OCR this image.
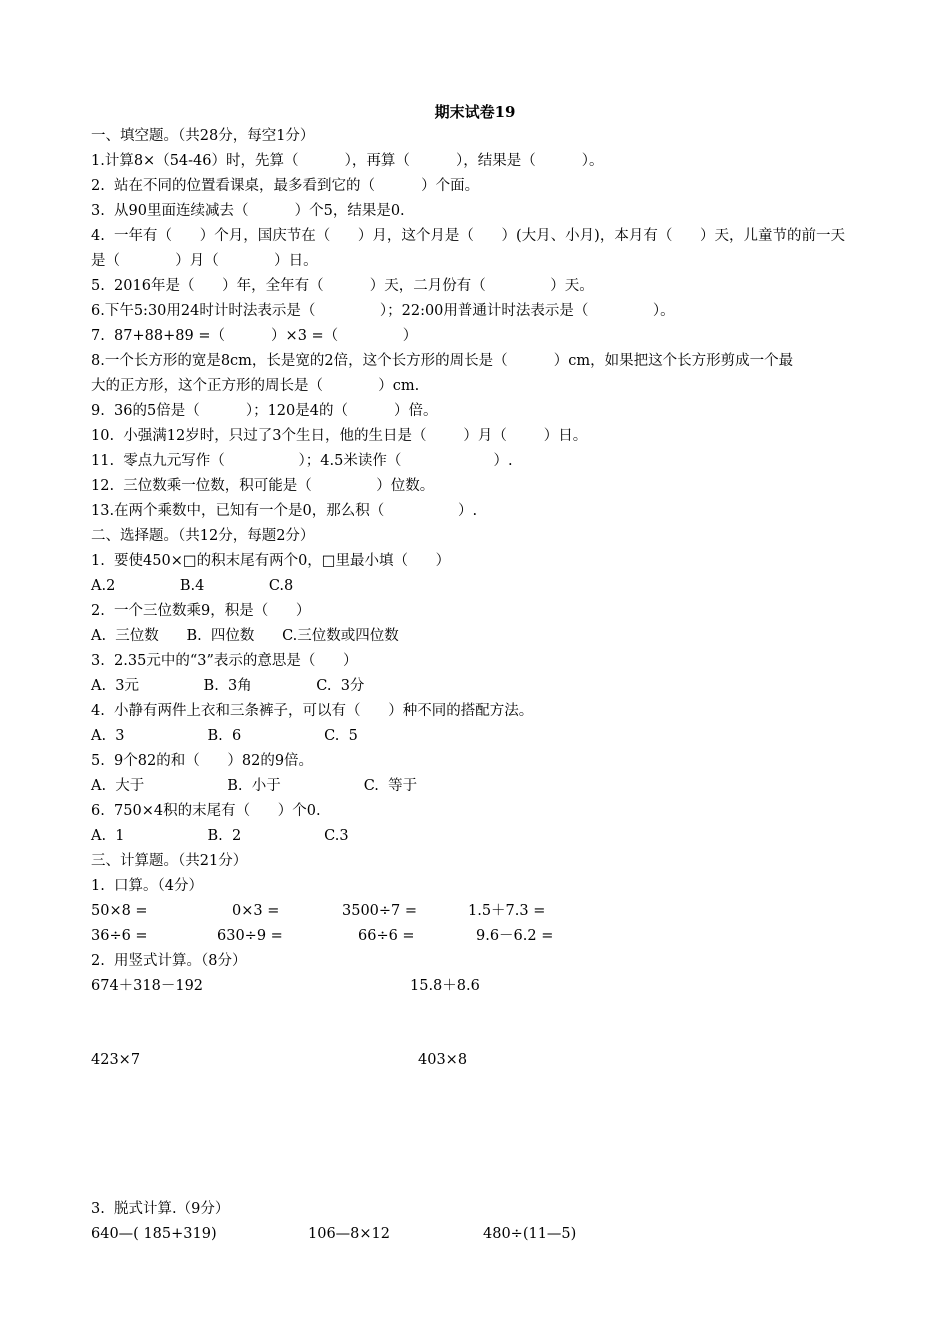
期末试卷19
一、填空题。（共28分，每空1分）
1.计算8×（54-46）时，先算（          ），再算（          ），结果是（          ）。
2.  站在不同的位置看课桌，最多看到它的（          ）个面。
3.  从90里面连续减去（          ）个5，结果是0.
4.  一年有（      ）个月，国庆节在（      ）月，这个月是（      ）(大月、小月)，本月有（      ）天，儿童节的前一天
是（            ）月（            ）日。
5.  2016年是（      ）年，全年有（          ）天，二月份有（              ）天。
6.下午5:30用24时计时法表示是（              ）；22:00用普通计时法表示是（              ）。
7.  87+88+89 =（          ）×3 =（              ）
8.一个长方形的宽是8cm，长是宽的2倍，这个长方形的周长是（          ）cm，如果把这个长方形剪成一个最
大的正方形，这个正方形的周长是（            ）cm.
9.  36的5倍是（          ）；120是4的（          ）倍。
10.  小强满12岁时，只过了3个生日，他的生日是（        ）月（        ）日。
11.  零点九元写作（                ）；4.5米读作（                    ）.
12.  三位数乘一位数，积可能是（              ）位数。
13.在两个乘数中，已知有一个是0，那么积（                ）.
二、选择题。（共12分，每题2分）
1.  要使450×□的积末尾有两个0，□里最小填（      ）
A.2              B.4              C.8
2.  一个三位数乘9，积是（      ）
A.  三位数      B.  四位数      C.三位数或四位数
3.  2.35元中的“3”表示的意思是（      ）
A.  3元              B.  3角              C.  3分
4.  小静有两件上衣和三条裤子，可以有（      ）种不同的搭配方法。
A.  3                  B.  6                  C.  5
5.  9个82的和（      ）82的9倍。
A.  大于                  B.  小于                  C.  等于
6.  750×4积的末尾有（      ）个0.
A.  1                  B.  2                  C.3
三、计算题。（共21分）
1.  口算。（4分）
50×8 =	0×3 =	3500÷7 =	1.5＋7.3 =
36÷6 =	630÷9 =	66÷6 =	9.6－6.2 =
2.  用竖式计算。（8分）
674＋318－192	15.8＋8.6
423×7	403×8
3.  脱式计算.（9分）
640—( 185+319)	106—8×12	480÷(11—5)
